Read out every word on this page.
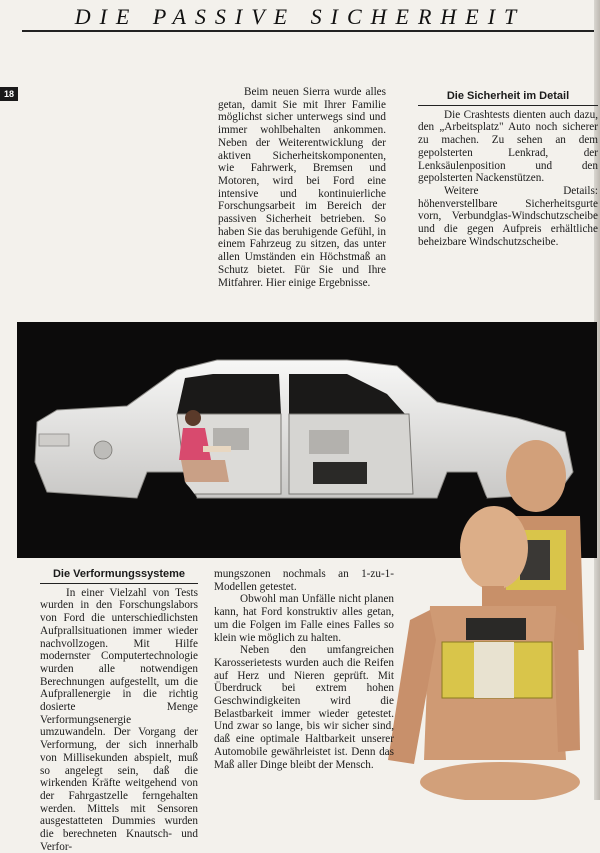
DIE PASSIVE SICHERHEIT
18	Beim neuen Sierra wurde alles getan, damit Sie mit Ihrer Familie möglichst sicher unterwegs sind und immer wohlbehalten ankommen. Neben der Weiterentwicklung der aktiven Sicherheitskomponenten, wie Fahrwerk, Bremsen und Motoren, wird bei Ford eine intensive und kontinuierliche Forschungsarbeit im Bereich der passiven Sicherheit betrieben. So haben Sie das beruhigende Gefühl, in einem Fahrzeug zu sitzen, das unter allen Umständen ein Höchstmaß an Schutz bietet. Für Sie und Ihre Mitfahrer. Hier einige Ergebnisse.

Die Sicherheit im Detail

Die Crashtests dienten auch dazu, den „Arbeitsplatz" Auto noch sicherer zu machen. Zu sehen an dem gepolsterten Lenkrad, der Lenksäulenposition und den gepolsterten Nackenstützen.

Weitere Details: höhenverstellbare Sicherheitsgurte vorn, Verbundglas-Windschutzscheibe und die gegen Aufpreis erhältliche beheizbare Windschutzscheibe.

Die Verformungssysteme

In einer Vielzahl von Tests wurden in den Forschungslabors von Ford die unterschiedlichsten Aufprallsituationen immer wieder nachvollzogen. Mit Hilfe modernster Computertechnologie wurden alle notwendigen Berechnungen aufgestellt, um die Aufprallenergie in die richtig dosierte Menge Verformungsenergie umzuwandeln. Der Vorgang der Verformung, der sich innerhalb von Millisekunden abspielt, muß so angelegt sein, daß die wirkenden Kräfte weitgehend von der Fahrgastzelle ferngehalten werden. Mittels mit Sensoren ausgestatteten Dummies wurden die berechneten Knautsch- und Verfor-

mungszonen nochmals an 1-zu-1-Modellen getestet.

Obwohl man Unfälle nicht planen kann, hat Ford konstruktiv alles getan, um die Folgen im Falle eines Falles so klein wie möglich zu halten.

Neben den umfangreichen Karosserietests wurden auch die Reifen auf Herz und Nieren geprüft. Mit Überdruck bei extrem hohen Geschwindigkeiten wird die Belastbarkeit immer wieder getestet. Und zwar so lange, bis wir sicher sind, daß eine optimale Haltbarkeit unserer Automobile gewährleistet ist. Denn das Maß aller Dinge bleibt der Mensch.
